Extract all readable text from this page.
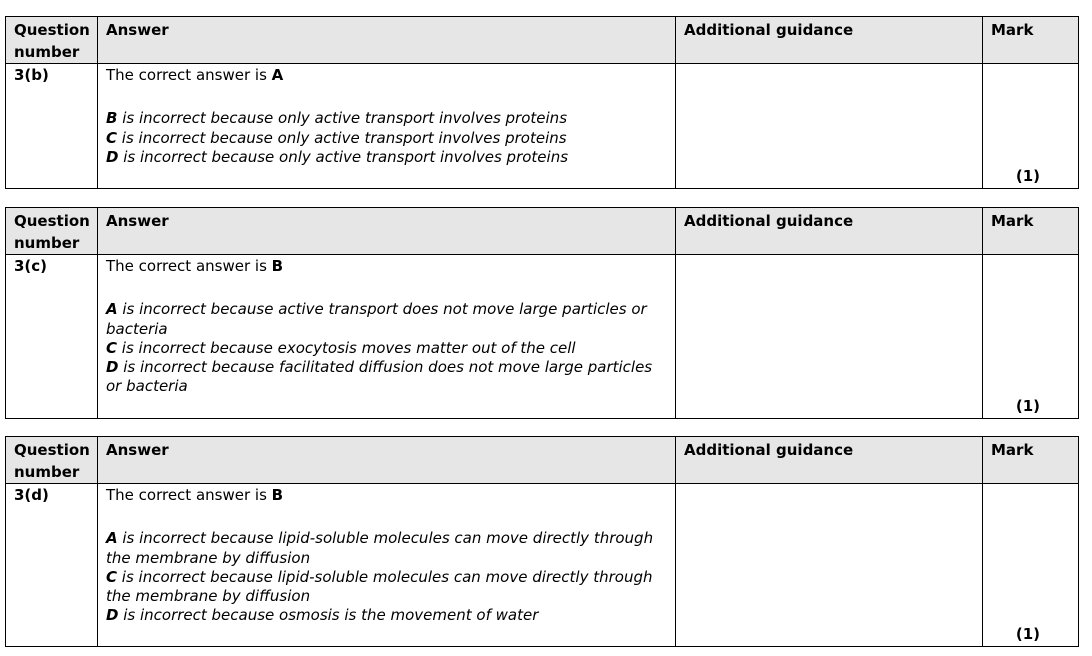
Question
number	Answer	Additional guidance	Mark
3(b)	The correct answer is A

B is incorrect because only active transport involves proteins

C is incorrect because only active transport involves proteins

D is incorrect because only active transport involves proteins		(1)
Question
number	Answer	Additional guidance	Mark
3(c)	The correct answer is B

A is incorrect because active transport does not move large particles or bacteria

C is incorrect because exocytosis moves matter out of the cell

D is incorrect because facilitated diffusion does not move large particles or bacteria		(1)
Question
number	Answer	Additional guidance	Mark
3(d)	The correct answer is B

A is incorrect because lipid-soluble molecules can move directly through the membrane by diffusion

C is incorrect because lipid-soluble molecules can move directly through the membrane by diffusion

D is incorrect because osmosis is the movement of water		(1)
